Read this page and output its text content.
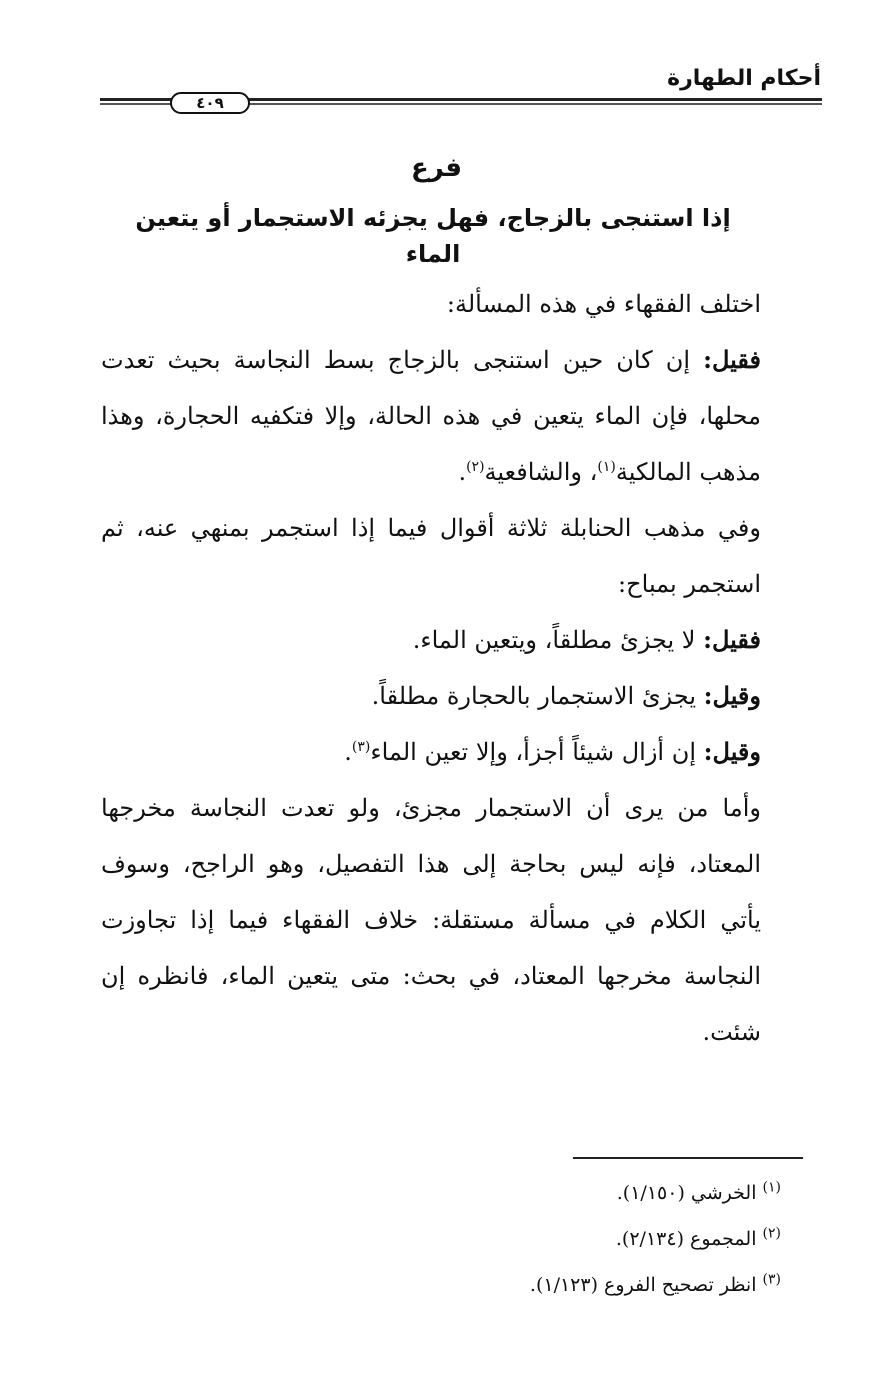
أحكام الطهارة
٤٠٩
فرع
إذا استنجى بالزجاج، فهل يجزئه الاستجمار أو يتعين الماء

اختلف الفقهاء في هذه المسألة:

فقيل: إن كان حين استنجى بالزجاج بسط النجاسة بحيث تعدت محلها، فإن الماء يتعين في هذه الحالة، وإلا فتكفيه الحجارة، وهذا مذهب المالكية$^{(١)}$، والشافعية$^{(٢)}$.

وفي مذهب الحنابلة ثلاثة أقوال فيما إذا استجمر بمنهي عنه، ثم استجمر بمباح:

فقيل: لا يجزئ مطلقاً، ويتعين الماء.

وقيل: يجزئ الاستجمار بالحجارة مطلقاً.

وقيل: إن أزال شيئاً أجزأ، وإلا تعين الماء$^{(٣)}$.

وأما من يرى أن الاستجمار مجزئ، ولو تعدت النجاسة مخرجها المعتاد، فإنه ليس بحاجة إلى هذا التفصيل، وهو الراجح، وسوف يأتي الكلام في مسألة مستقلة: خلاف الفقهاء فيما إذا تجاوزت النجاسة مخرجها المعتاد، في بحث: متى يتعين الماء، فانظره إن شئت.

$^{(١)}$ الخرشي (١/١٥٠).
$^{(٢)}$ المجموع (٢/١٣٤).
$^{(٣)}$ انظر تصحيح الفروع (١/١٢٣).
